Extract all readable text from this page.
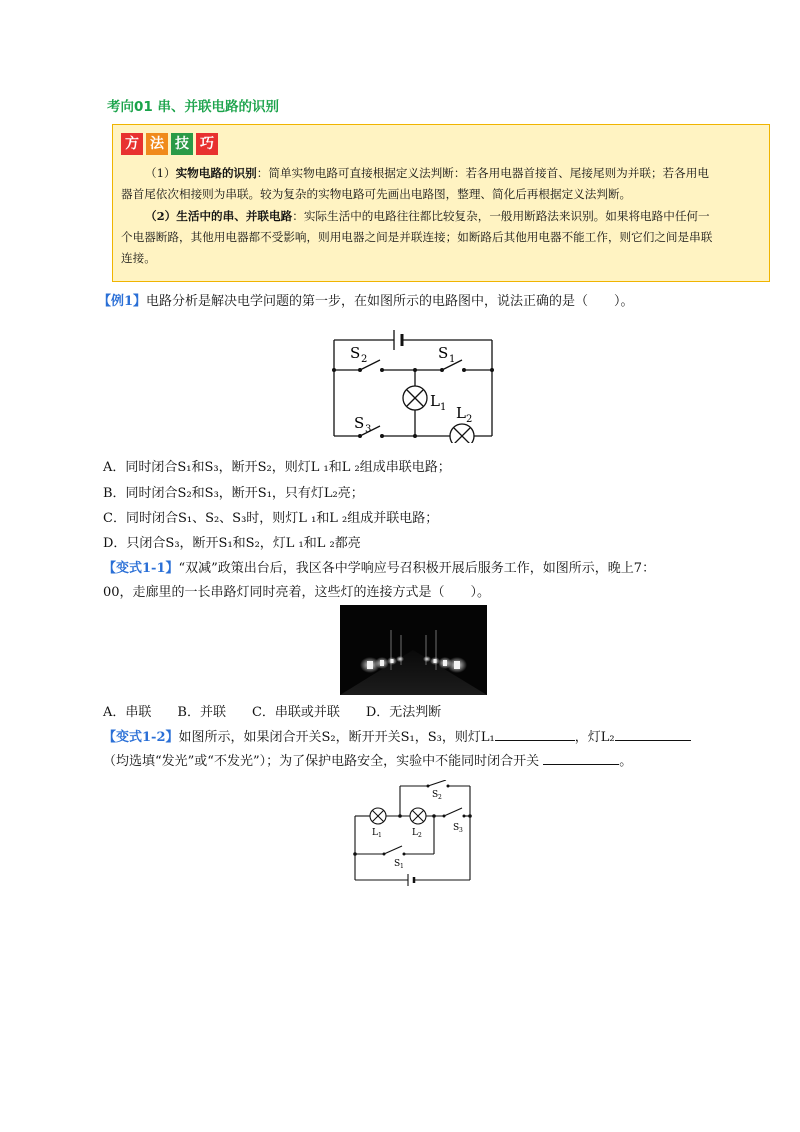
考向01 串、并联电路的识别
方 法 技 巧
（1）实物电路的识别：简单实物电路可直接根据定义法判断：若各用电器首接首、尾接尾则为并联；若各用电
器首尾依次相接则为串联。较为复杂的实物电路可先画出电路图，整理、简化后再根据定义法判断。
（2）生活中的串、并联电路：实际生活中的电路往往都比较复杂，一般用断路法来识别。如果将电路中任何一
个电器断路，其他用电器都不受影响，则用电器之间是并联连接；如断路后其他用电器不能工作，则它们之间是串联
连接。
【例1】电路分析是解决电学问题的第一步，在如图所示的电路图中，说法正确的是（　　）。
S 2	S 1
S 3
L 1 L 2
A．同时闭合S₁和S₃，断开S₂，则灯L ₁和L ₂组成串联电路；
B．同时闭合S₂和S₃，断开S₁，只有灯L₂亮；
C．同时闭合S₁、S₂、S₃时，则灯L ₁和L ₂组成并联电路；
D．只闭合S₃，断开S₁和S₂，灯L ₁和L ₂都亮
【变式1-1】“双减”政策出台后，我区各中学响应号召积极开展后服务工作，如图所示，晚上7：
00，走廊里的一长串路灯同时亮着，这些灯的连接方式是（　　）。
A．串联　　B．并联　　C．串联或并联　　D．无法判断
【变式1-2】如图所示，如果闭合开关S₂，断开开关S₁，S₃，则灯L₁	，灯L₂
（均选填“发光”或“不发光”）；为了保护电路安全，实验中不能同时闭合开关	。
L 1	L 2
S 2
S 3
S 1
